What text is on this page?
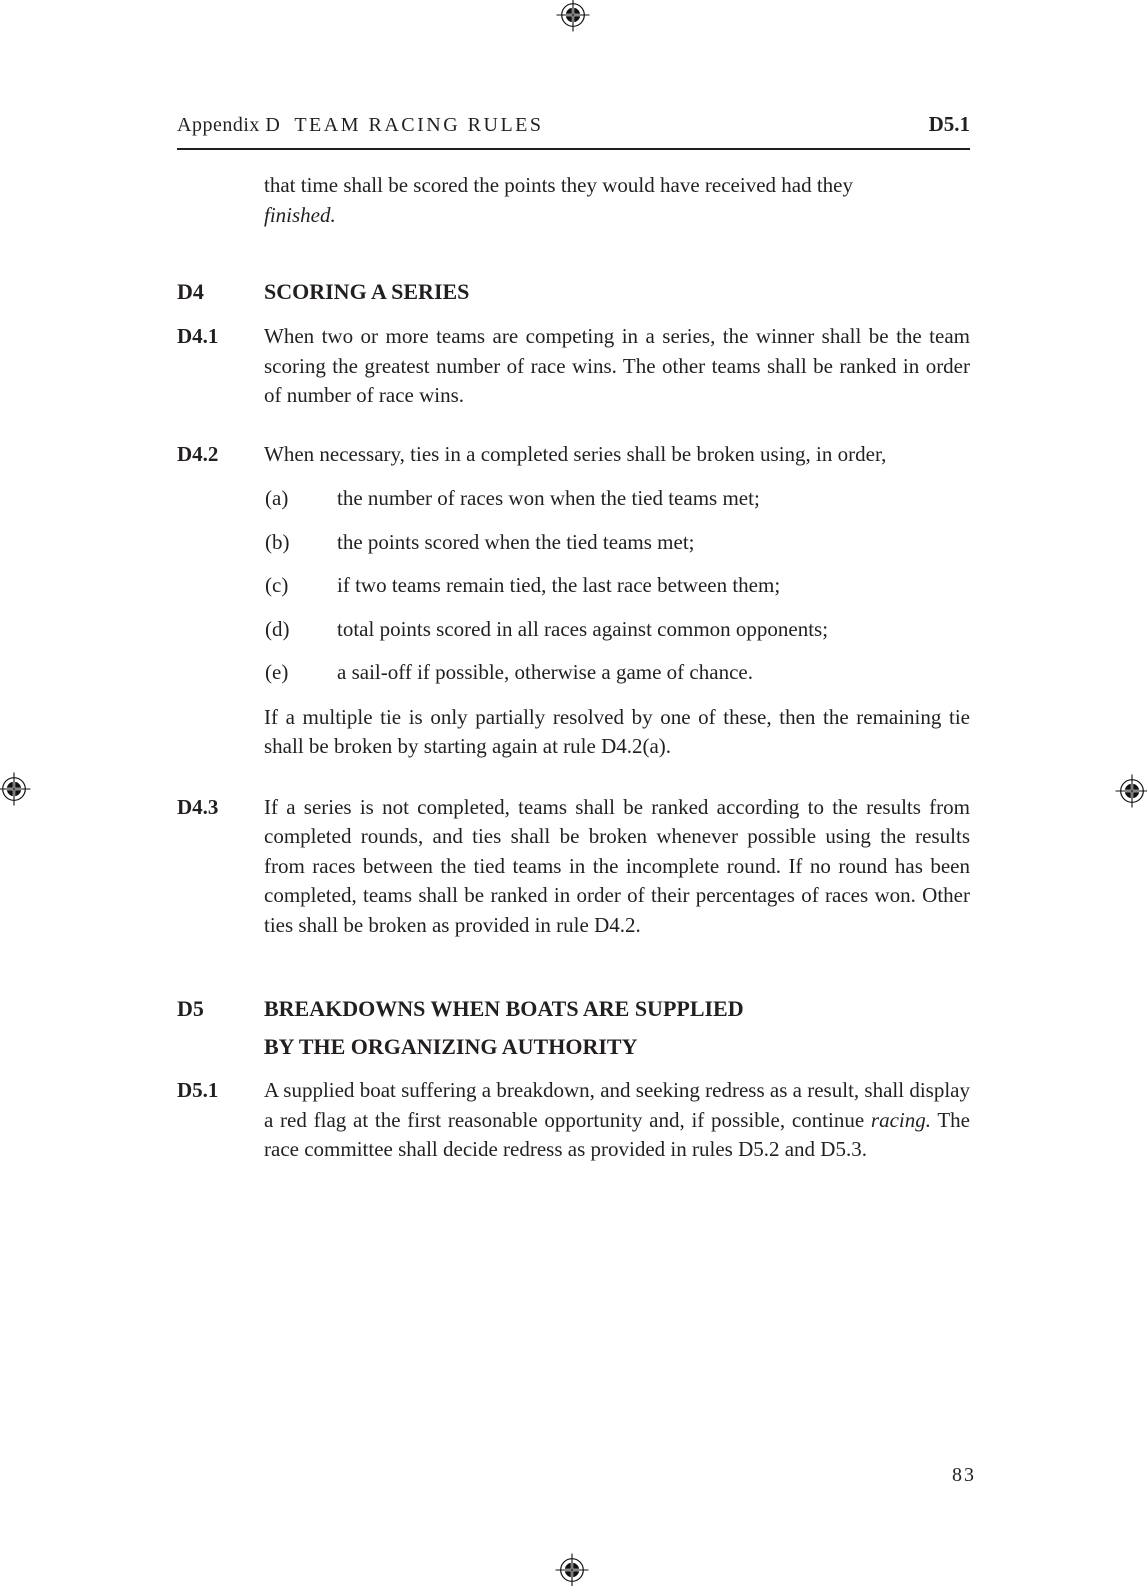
Appendix D TEAM RACING RULES	D5.1
that time shall be scored the points they would have received had they
finished.
D4	SCORING A SERIES
D4.1	When two or more teams are competing in a series, the winner shall be the team scoring the greatest number of race wins. The other teams shall be ranked in order of number of race wins.
D4.2	When necessary, ties in a completed series shall be broken using, in order,
(a)	the number of races won when the tied teams met;
(b)	the points scored when the tied teams met;
(c)	if two teams remain tied, the last race between them;
(d)	total points scored in all races against common opponents;
(e)	a sail-off if possible, otherwise a game of chance.
If a multiple tie is only partially resolved by one of these, then the remaining tie shall be broken by starting again at rule D4.2(a).
D4.3	If a series is not completed, teams shall be ranked according to the results from completed rounds, and ties shall be broken whenever possible using the results from races between the tied teams in the incomplete round. If no round has been completed, teams shall be ranked in order of their percentages of races won. Other ties shall be broken as provided in rule D4.2.
D5	BREAKDOWNS WHEN BOATS ARE SUPPLIED
BY THE ORGANIZING AUTHORITY
D5.1	A supplied boat suffering a breakdown, and seeking redress as a result, shall display a red flag at the first reasonable opportunity and, if possible, continue racing. The race committee shall decide redress as provided in rules D5.2 and D5.3.
83
